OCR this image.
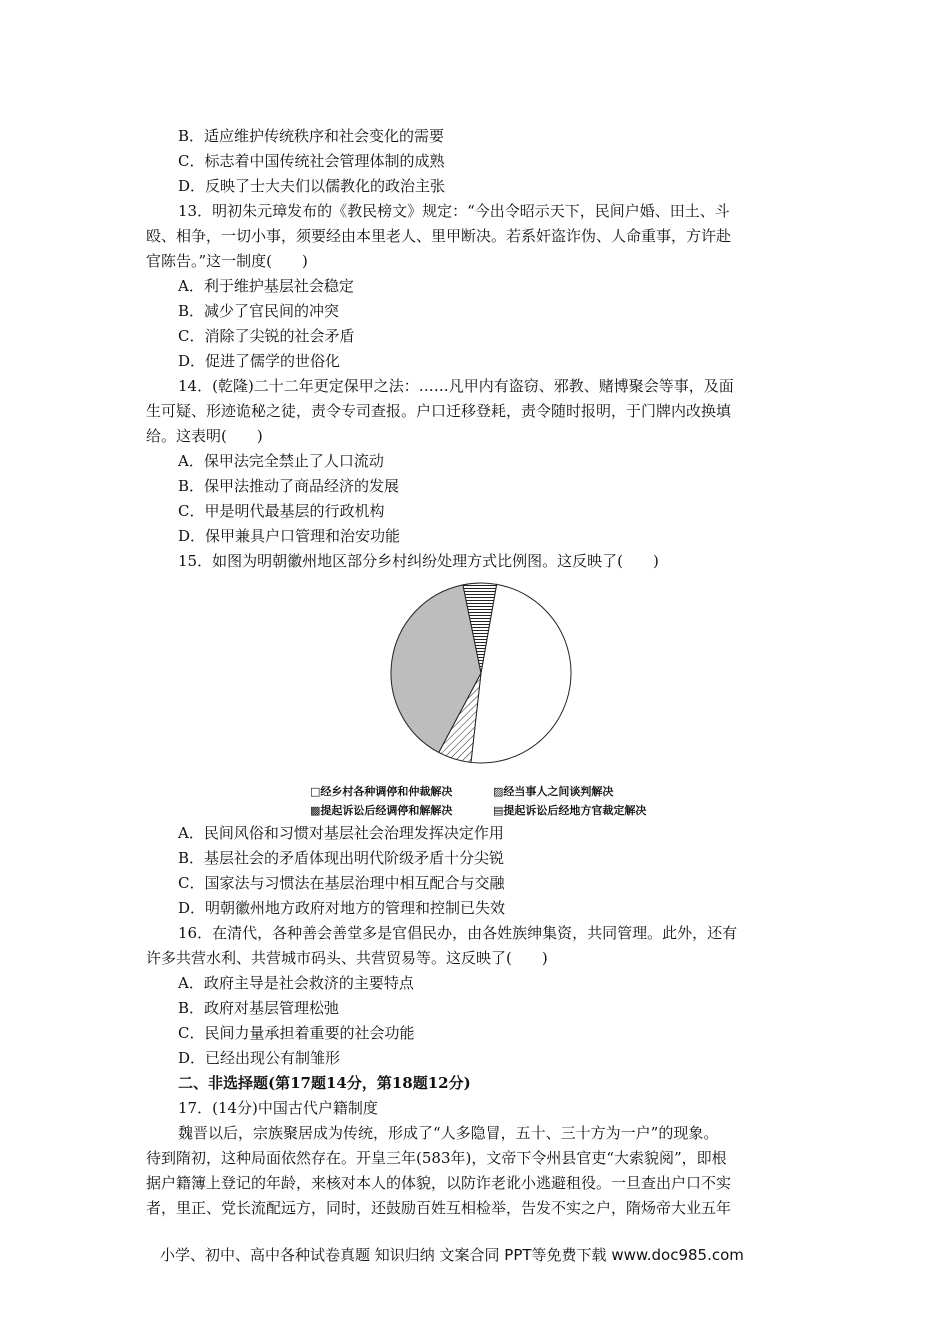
B．适应维护传统秩序和社会变化的需要
C．标志着中国传统社会管理体制的成熟
D．反映了士大夫们以儒教化的政治主张
13．明初朱元璋发布的《教民榜文》规定：“今出令昭示天下，民间户婚、田土、斗
殴、相争，一切小事，须要经由本里老人、里甲断决。若系奸盗诈伪、人命重事，方许赴
官陈告。”这一制度(　　)
A．利于维护基层社会稳定
B．减少了官民间的冲突
C．消除了尖锐的社会矛盾
D．促进了儒学的世俗化
14．(乾隆)二十二年更定保甲之法：……凡甲内有盗窃、邪教、赌博聚会等事，及面
生可疑、形迹诡秘之徒，责令专司查报。户口迁移登耗，责令随时报明，于门牌内改换填
给。这表明(　　)
A．保甲法完全禁止了人口流动
B．保甲法推动了商品经济的发展
C．甲是明代最基层的行政机构
D．保甲兼具户口管理和治安功能
15．如图为明朝徽州地区部分乡村纠纷处理方式比例图。这反映了(　　)
□经乡村各种调停和仲裁解决	▨经当事人之间谈判解决
▩提起诉讼后经调停和解解决	▤提起诉讼后经地方官裁定解决
A．民间风俗和习惯对基层社会治理发挥决定作用
B．基层社会的矛盾体现出明代阶级矛盾十分尖锐
C．国家法与习惯法在基层治理中相互配合与交融
D．明朝徽州地方政府对地方的管理和控制已失效
16．在清代，各种善会善堂多是官倡民办，由各姓族绅集资，共同管理。此外，还有
许多共营水利、共营城市码头、共营贸易等。这反映了(　　)
A．政府主导是社会救济的主要特点
B．政府对基层管理松弛
C．民间力量承担着重要的社会功能
D．已经出现公有制雏形
二、非选择题(第17题14分，第18题12分)
17．(14分)中国古代户籍制度
魏晋以后，宗族聚居成为传统，形成了“人多隐冒，五十、三十方为一户”的现象。
待到隋初，这种局面依然存在。开皇三年(583年)，文帝下令州县官吏“大索貌阅”，即根
据户籍簿上登记的年龄，来核对本人的体貌，以防诈老讹小逃避租役。一旦查出户口不实
者，里正、党长流配远方，同时，还鼓励百姓互相检举，告发不实之户，隋炀帝大业五年
小学、初中、高中各种试卷真题 知识归纳 文案合同 PPT等免费下载 www.doc985.com
